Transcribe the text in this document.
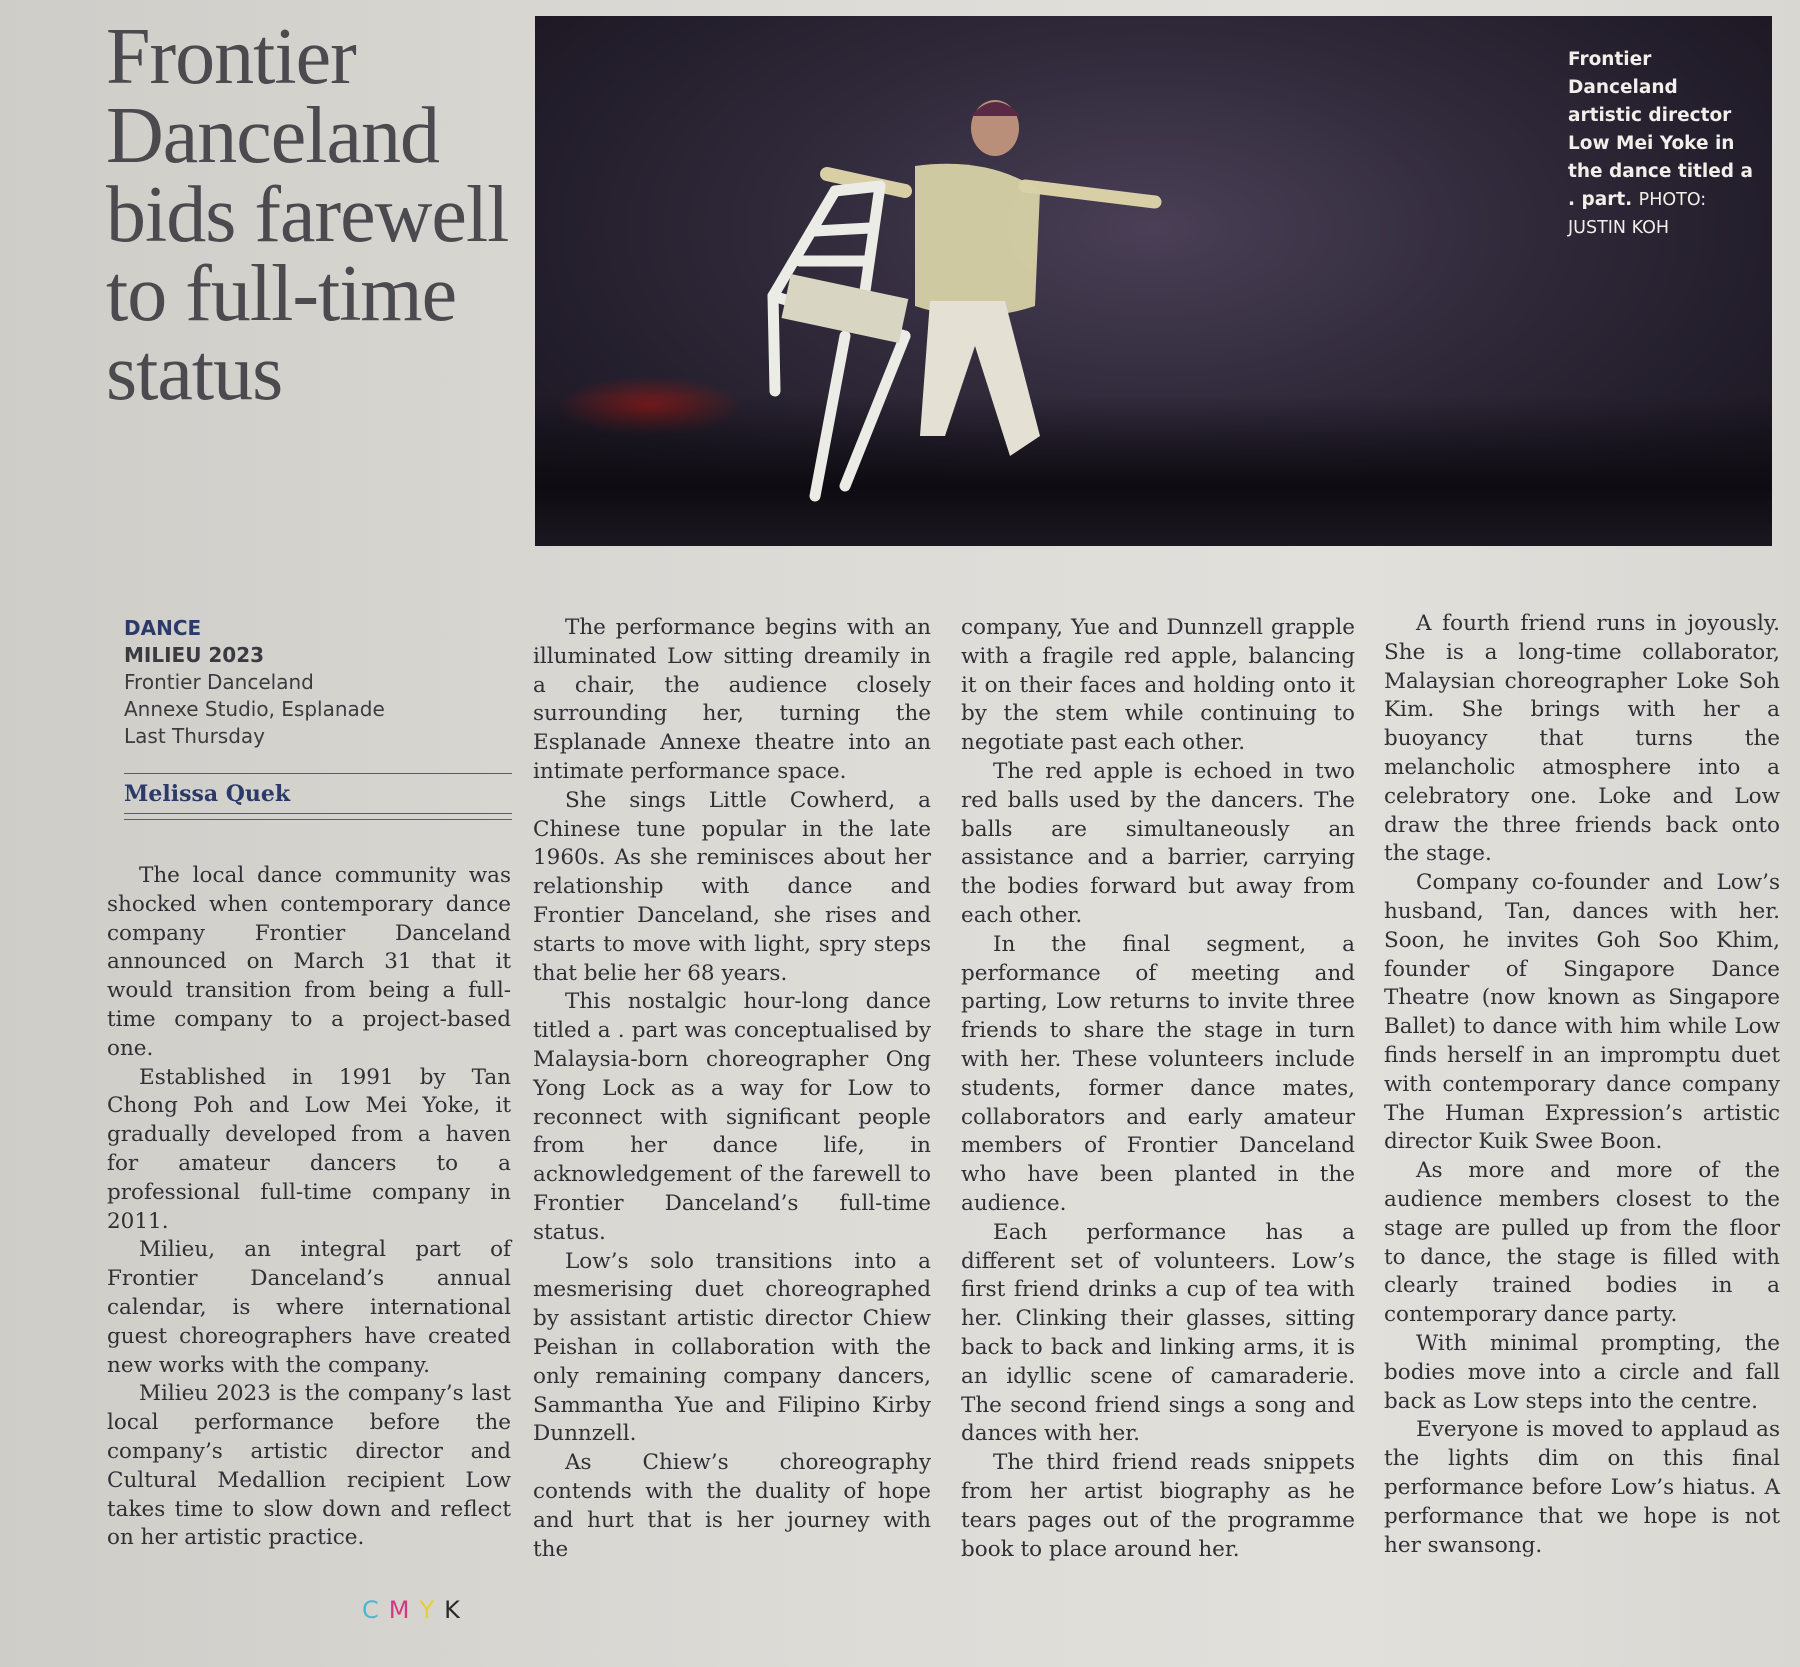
Frontier Danceland bids farewell to full-time status

Frontier Danceland artistic director Low Mei Yoke in the dance titled a . part. PHOTO: JUSTIN KOH

DANCE
MILIEU 2023
Frontier Danceland
Annexe Studio, Esplanade
Last Thursday
Melissa Quek

The local dance community was shocked when contemporary dance company Frontier Danceland announced on March 31 that it would transition from being a full-time company to a project-based one.

Established in 1991 by Tan Chong Poh and Low Mei Yoke, it gradually developed from a haven for amateur dancers to a professional full-time company in 2011.

Milieu, an integral part of Frontier Danceland’s annual calendar, is where international guest choreographers have created new works with the company.

Milieu 2023 is the company’s last local performance before the company’s artistic director and Cultural Medallion recipient Low takes time to slow down and reflect on her artistic practice.

The performance begins with an illuminated Low sitting dreamily in a chair, the audience closely surrounding her, turning the Esplanade Annexe theatre into an intimate performance space.

She sings Little Cowherd, a Chinese tune popular in the late 1960s. As she reminisces about her relationship with dance and Frontier Danceland, she rises and starts to move with light, spry steps that belie her 68 years.

This nostalgic hour-long dance titled a . part was conceptualised by Malaysia-born choreographer Ong Yong Lock as a way for Low to reconnect with significant people from her dance life, in acknowledgement of the farewell to Frontier Danceland’s full-time status.

Low’s solo transitions into a mesmerising duet choreographed by assistant artistic director Chiew Peishan in collaboration with the only remaining company dancers, Sammantha Yue and Filipino Kirby Dunnzell.

As Chiew’s choreography contends with the duality of hope and hurt that is her journey with the

company, Yue and Dunnzell grapple with a fragile red apple, balancing it on their faces and holding onto it by the stem while continuing to negotiate past each other.

The red apple is echoed in two red balls used by the dancers. The balls are simultaneously an assistance and a barrier, carrying the bodies forward but away from each other.

In the final segment, a performance of meeting and parting, Low returns to invite three friends to share the stage in turn with her. These volunteers include students, former dance mates, collaborators and early amateur members of Frontier Danceland who have been planted in the audience.

Each performance has a different set of volunteers. Low’s first friend drinks a cup of tea with her. Clinking their glasses, sitting back to back and linking arms, it is an idyllic scene of camaraderie. The second friend sings a song and dances with her.

The third friend reads snippets from her artist biography as he tears pages out of the programme book to place around her.

A fourth friend runs in joyously. She is a long-time collaborator, Malaysian choreographer Loke Soh Kim. She brings with her a buoyancy that turns the melancholic atmosphere into a celebratory one. Loke and Low draw the three friends back onto the stage.

Company co-founder and Low’s husband, Tan, dances with her. Soon, he invites Goh Soo Khim, founder of Singapore Dance Theatre (now known as Singapore Ballet) to dance with him while Low finds herself in an impromptu duet with contemporary dance company The Human Expression’s artistic director Kuik Swee Boon.

As more and more of the audience members closest to the stage are pulled up from the floor to dance, the stage is filled with clearly trained bodies in a contemporary dance party.

With minimal prompting, the bodies move into a circle and fall back as Low steps into the centre.

Everyone is moved to applaud as the lights dim on this final performance before Low’s hiatus. A performance that we hope is not her swansong.

CMYK
